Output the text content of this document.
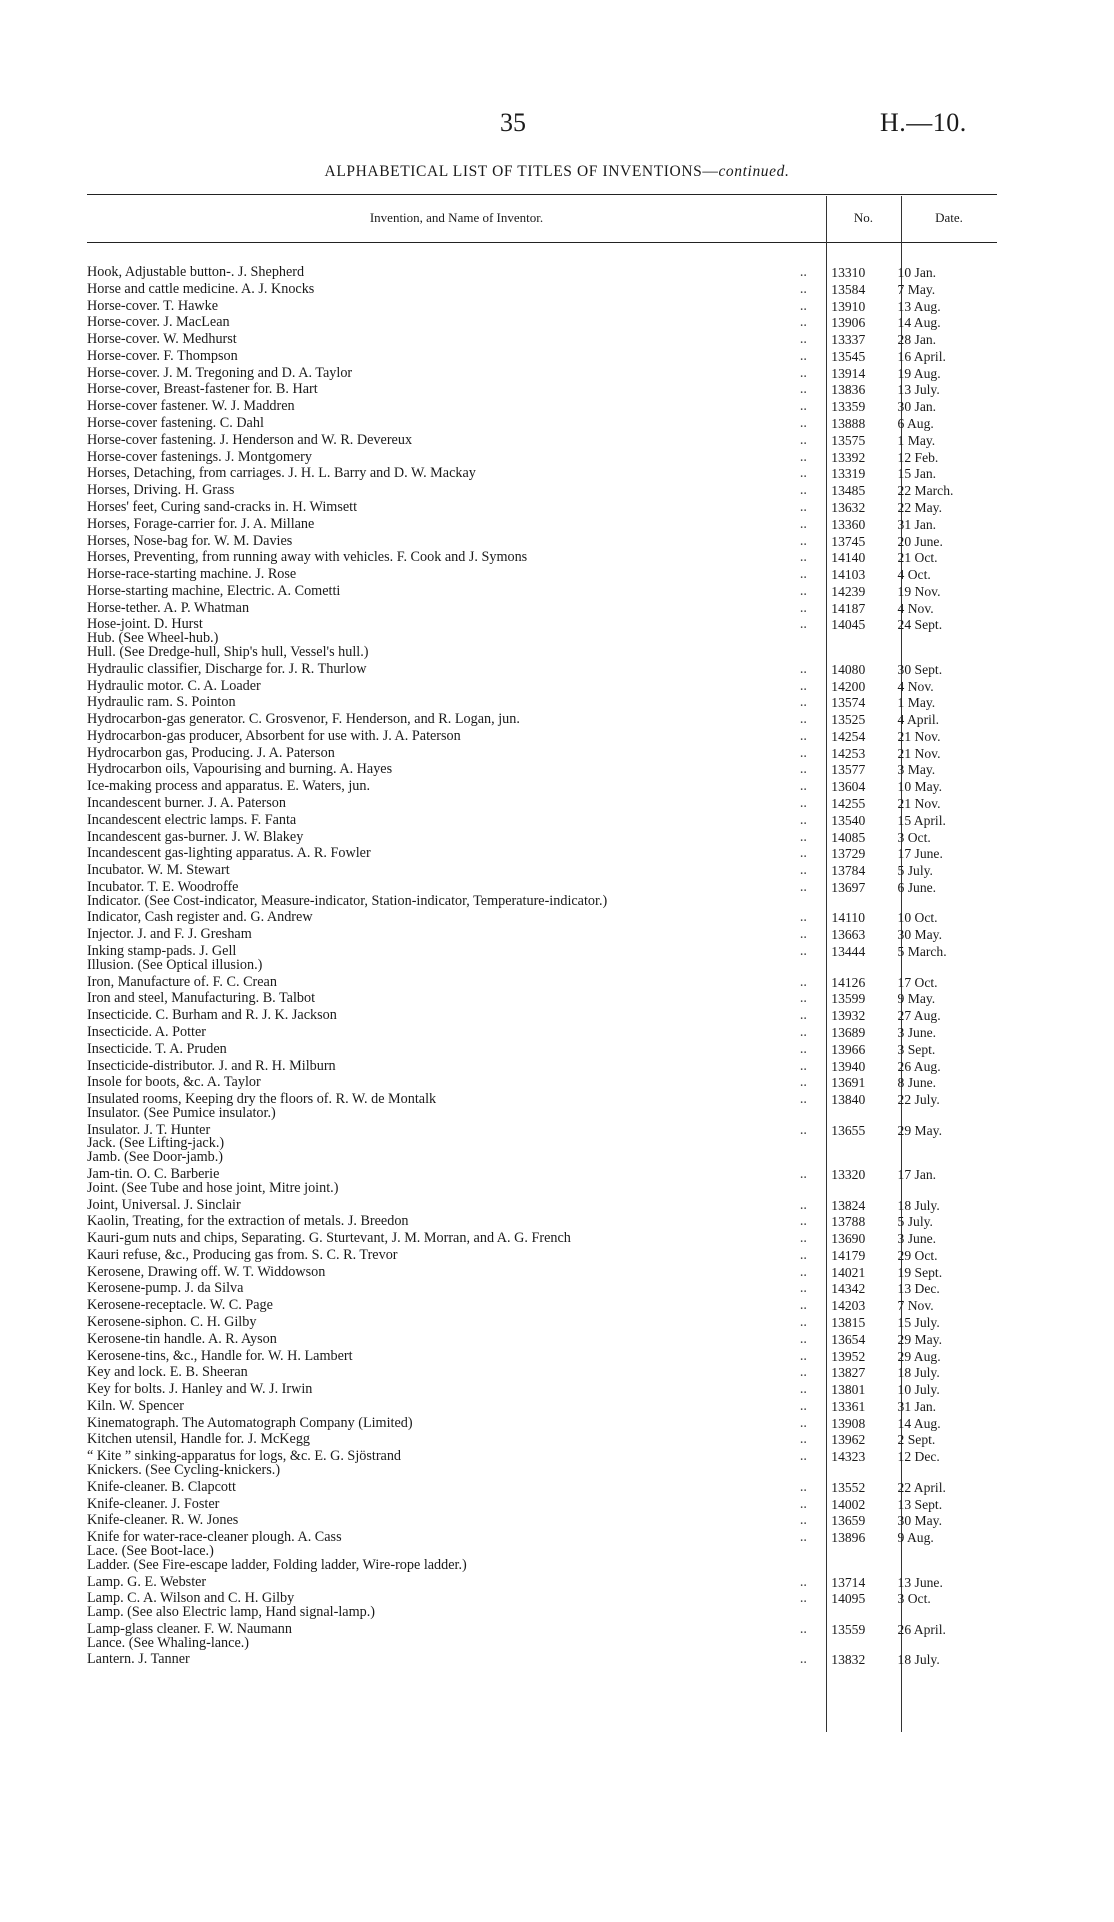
35	H.—10.
ALPHABETICAL LIST OF TITLES OF INVENTIONS—continued.
Invention, and Name of Inventor.	No.	Date.
Hook, Adjustable button-. J. Shepherd	..	13310	10 Jan.
Horse and cattle medicine. A. J. Knocks	..	13584	7 May.
Horse-cover. T. Hawke	..	13910	13 Aug.
Horse-cover. J. MacLean	..	13906	14 Aug.
Horse-cover. W. Medhurst	..	13337	28 Jan.
Horse-cover. F. Thompson	..	13545	16 April.
Horse-cover. J. M. Tregoning and D. A. Taylor	..	13914	19 Aug.
Horse-cover, Breast-fastener for. B. Hart	..	13836	13 July.
Horse-cover fastener. W. J. Maddren	..	13359	30 Jan.
Horse-cover fastening. C. Dahl	..	13888	6 Aug.
Horse-cover fastening. J. Henderson and W. R. Devereux	..	13575	1 May.
Horse-cover fastenings. J. Montgomery	..	13392	12 Feb.
Horses, Detaching, from carriages. J. H. L. Barry and D. W. Mackay	..	13319	15 Jan.
Horses, Driving. H. Grass	..	13485	22 March.
Horses' feet, Curing sand-cracks in. H. Wimsett	..	13632	22 May.
Horses, Forage-carrier for. J. A. Millane	..	13360	31 Jan.
Horses, Nose-bag for. W. M. Davies	..	13745	20 June.
Horses, Preventing, from running away with vehicles. F. Cook and J. Symons	..	14140	21 Oct.
Horse-race-starting machine. J. Rose	..	14103	4 Oct.
Horse-starting machine, Electric. A. Cometti	..	14239	19 Nov.
Horse-tether. A. P. Whatman	..	14187	4 Nov.
Hose-joint. D. Hurst	..	14045	24 Sept.
Hub. (See Wheel-hub.)
Hull. (See Dredge-hull, Ship's hull, Vessel's hull.)
Hydraulic classifier, Discharge for. J. R. Thurlow	..	14080	30 Sept.
Hydraulic motor. C. A. Loader	..	14200	4 Nov.
Hydraulic ram. S. Pointon	..	13574	1 May.
Hydrocarbon-gas generator. C. Grosvenor, F. Henderson, and R. Logan, jun.	..	13525	4 April.
Hydrocarbon-gas producer, Absorbent for use with. J. A. Paterson	..	14254	21 Nov.
Hydrocarbon gas, Producing. J. A. Paterson	..	14253	21 Nov.
Hydrocarbon oils, Vapourising and burning. A. Hayes	..	13577	3 May.
Ice-making process and apparatus. E. Waters, jun.	..	13604	10 May.
Incandescent burner. J. A. Paterson	..	14255	21 Nov.
Incandescent electric lamps. F. Fanta	..	13540	15 April.
Incandescent gas-burner. J. W. Blakey	..	14085	3 Oct.
Incandescent gas-lighting apparatus. A. R. Fowler	..	13729	17 June.
Incubator. W. M. Stewart	..	13784	5 July.
Incubator. T. E. Woodroffe	..	13697	6 June.
Indicator. (See Cost-indicator, Measure-indicator, Station-indicator, Temperature-indicator.)
Indicator, Cash register and. G. Andrew	..	14110	10 Oct.
Injector. J. and F. J. Gresham	..	13663	30 May.
Inking stamp-pads. J. Gell	..	13444	5 March.
Illusion. (See Optical illusion.)
Iron, Manufacture of. F. C. Crean	..	14126	17 Oct.
Iron and steel, Manufacturing. B. Talbot	..	13599	9 May.
Insecticide. C. Burham and R. J. K. Jackson	..	13932	27 Aug.
Insecticide. A. Potter	..	13689	3 June.
Insecticide. T. A. Pruden	..	13966	3 Sept.
Insecticide-distributor. J. and R. H. Milburn	..	13940	26 Aug.
Insole for boots, &c. A. Taylor	..	13691	8 June.
Insulated rooms, Keeping dry the floors of. R. W. de Montalk	..	13840	22 July.
Insulator. (See Pumice insulator.)
Insulator. J. T. Hunter	..	13655	29 May.
Jack. (See Lifting-jack.)
Jamb. (See Door-jamb.)
Jam-tin. O. C. Barberie	..	13320	17 Jan.
Joint. (See Tube and hose joint, Mitre joint.)
Joint, Universal. J. Sinclair	..	13824	18 July.
Kaolin, Treating, for the extraction of metals. J. Breedon	..	13788	5 July.
Kauri-gum nuts and chips, Separating. G. Sturtevant, J. M. Morran, and A. G. French	..	13690	3 June.
Kauri refuse, &c., Producing gas from. S. C. R. Trevor	..	14179	29 Oct.
Kerosene, Drawing off. W. T. Widdowson	..	14021	19 Sept.
Kerosene-pump. J. da Silva	..	14342	13 Dec.
Kerosene-receptacle. W. C. Page	..	14203	7 Nov.
Kerosene-siphon. C. H. Gilby	..	13815	15 July.
Kerosene-tin handle. A. R. Ayson	..	13654	29 May.
Kerosene-tins, &c., Handle for. W. H. Lambert	..	13952	29 Aug.
Key and lock. E. B. Sheeran	..	13827	18 July.
Key for bolts. J. Hanley and W. J. Irwin	..	13801	10 July.
Kiln. W. Spencer	..	13361	31 Jan.
Kinematograph. The Automatograph Company (Limited)	..	13908	14 Aug.
Kitchen utensil, Handle for. J. McKegg	..	13962	2 Sept.
“ Kite ” sinking-apparatus for logs, &c. E. G. Sjöstrand	..	14323	12 Dec.
Knickers. (See Cycling-knickers.)
Knife-cleaner. B. Clapcott	..	13552	22 April.
Knife-cleaner. J. Foster	..	14002	13 Sept.
Knife-cleaner. R. W. Jones	..	13659	30 May.
Knife for water-race-cleaner plough. A. Cass	..	13896	9 Aug.
Lace. (See Boot-lace.)
Ladder. (See Fire-escape ladder, Folding ladder, Wire-rope ladder.)
Lamp. G. E. Webster	..	13714	13 June.
Lamp. C. A. Wilson and C. H. Gilby	..	14095	3 Oct.
Lamp. (See also Electric lamp, Hand signal-lamp.)
Lamp-glass cleaner. F. W. Naumann	..	13559	26 April.
Lance. (See Whaling-lance.)
Lantern. J. Tanner	..	13832	18 July.
